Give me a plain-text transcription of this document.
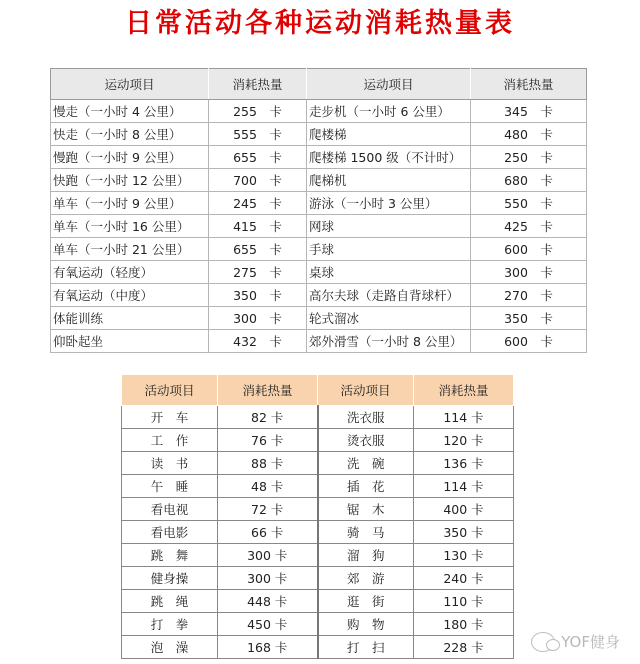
日常活动各种运动消耗热量表
运动项目	消耗热量	运动项目	消耗热量
慢走（一小时 4 公里）	255　卡	走步机（一小时 6 公里）	345　卡
快走（一小时 8 公里）	555　卡	爬楼梯	480　卡
慢跑（一小时 9 公里）	655　卡	爬楼梯 1500 级（不计时）	250　卡
快跑（一小时 12 公里）	700　卡	爬梯机	680　卡
单车（一小时 9 公里）	245　卡	游泳（一小时 3 公里）	550　卡
单车（一小时 16 公里）	415　卡	网球	425　卡
单车（一小时 21 公里）	655　卡	手球	600　卡
有氧运动（轻度）	275　卡	桌球	300　卡
有氧运动（中度）	350　卡	高尔夫球（走路自背球杆）	270　卡
体能训练	300　卡	轮式溜冰	350　卡
仰卧起坐	432　卡	郊外滑雪（一小时 8 公里）	600　卡
活动项目	消耗热量	活动项目	消耗热量
开　车	82 卡	洗衣服	114 卡
工　作	76 卡	烫衣服	120 卡
读　书	88 卡	洗　碗	136 卡
午　睡	48 卡	插　花	114 卡
看电视	72 卡	锯　木	400 卡
看电影	66 卡	骑　马	350 卡
跳　舞	300 卡	溜　狗	130 卡
健身操	300 卡	郊　游	240 卡
跳　绳	448 卡	逛　街	110 卡
打　拳	450 卡	购　物	180 卡
泡　澡	168 卡	打　扫	228 卡	YOF健身
